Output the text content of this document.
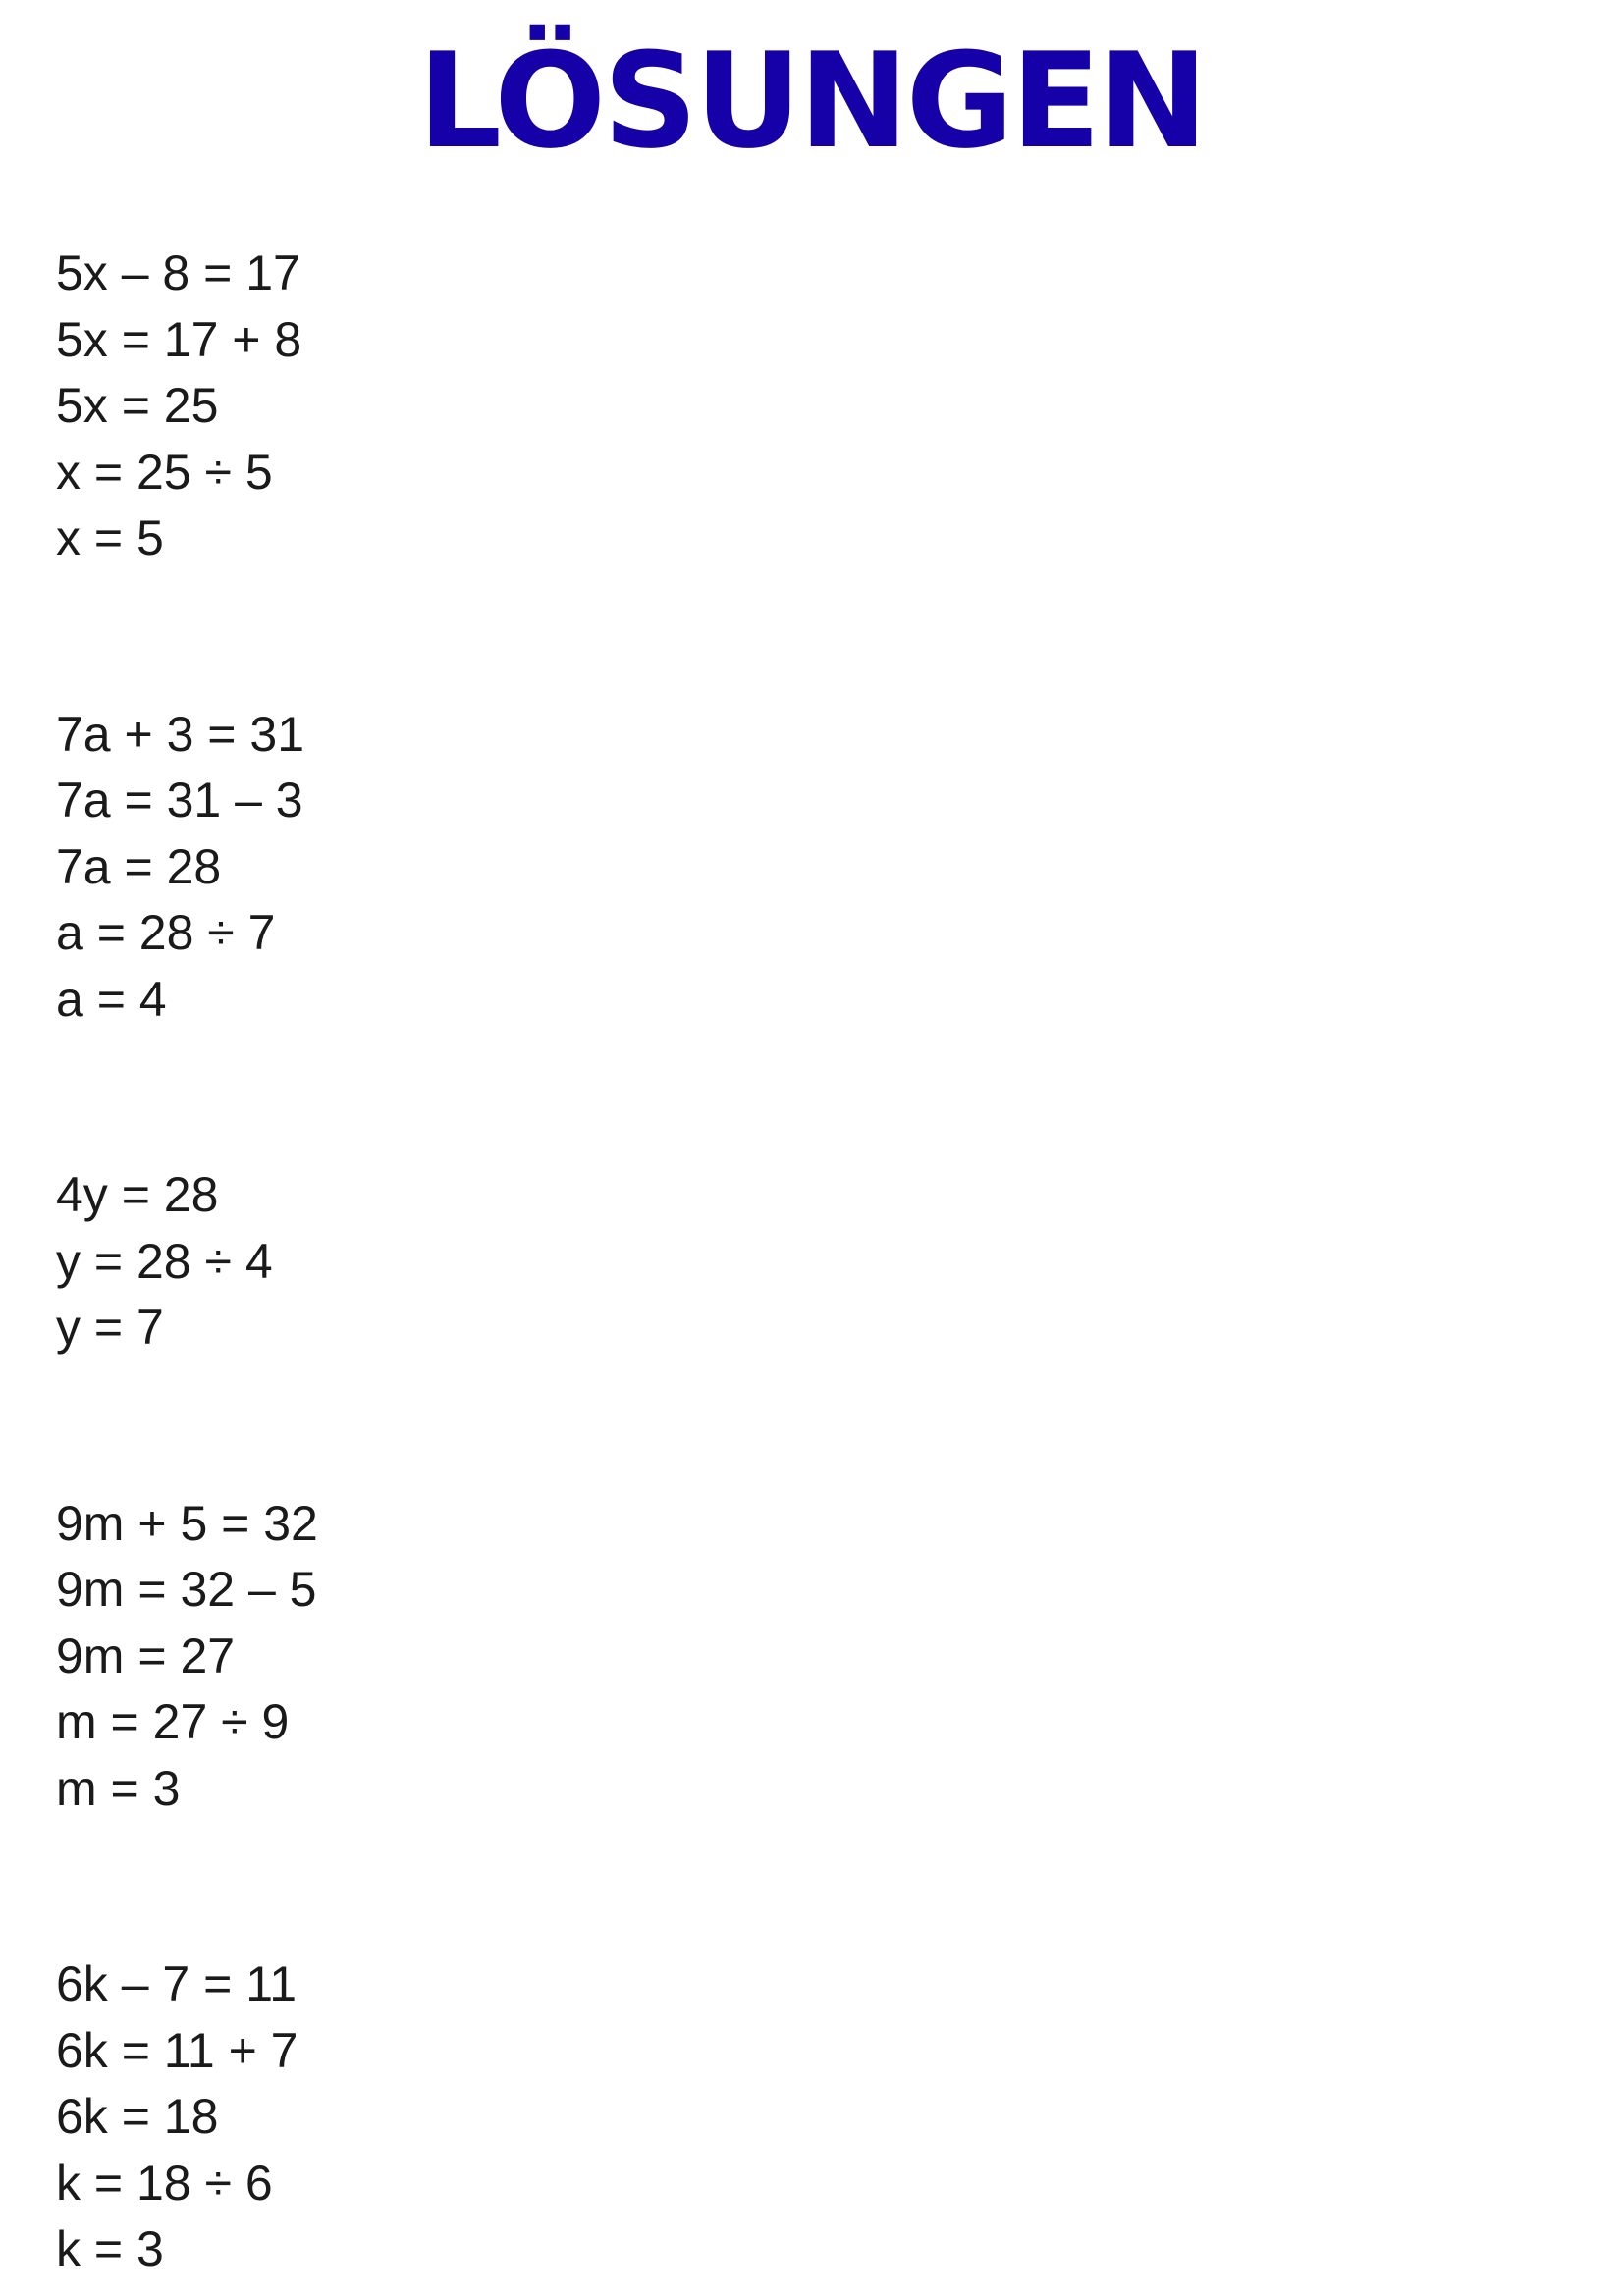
LÖSUNGEN
5x – 8 = 17
5x = 17 + 8
5x = 25
x = 25 ÷ 5
x = 5
7a + 3 = 31
7a = 31 – 3
7a = 28
a = 28 ÷ 7
a = 4
4y = 28
y = 28 ÷ 4
y = 7
9m + 5 = 32
9m = 32 – 5
9m = 27
m = 27 ÷ 9
m = 3
6k – 7 = 11
6k = 11 + 7
6k = 18
k = 18 ÷ 6
k = 3
